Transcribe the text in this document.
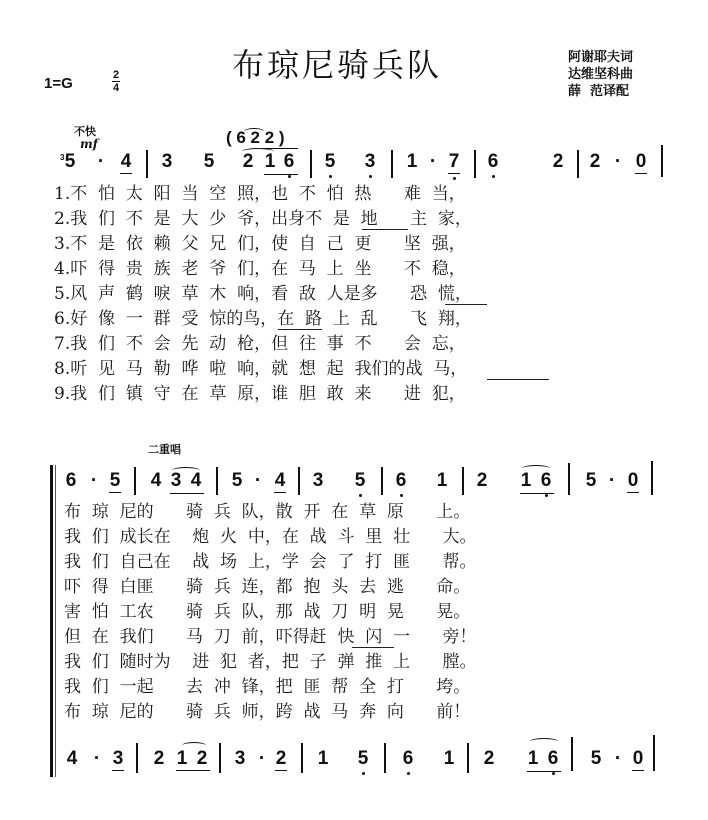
布琼尼骑兵队	阿谢耶夫词
达维坚科曲
薛  范译配
1=G	2
4
不快
mf
3
( 6 2 2 )
5 · 4 3 5 2 1 6 5 3 1 · 7 6	2 2 · 0
1.不  怕  太  阳  当  空  照，也  不  怕  热      难  当，
2.我  们  不  是  大  少  爷，出身不  是  地      主  家，
3.不  是  依  赖  父  兄  们，使  自  己  更      坚  强，
4.吓  得  贵  族  老  爷  们，在  马  上  坐      不  稳，
5.风  声  鹤  唳  草  木  响，看  敌  人是多      恐  慌，
6.好  像  一  群  受  惊的鸟，在  路  上  乱      飞  翔，
7.我  们  不  会  先  动  枪，但  往  事  不      会  忘，
8.听  见  马  勒  哗  啦  响，就  想  起  我们的战  马，
9.我  们  镇  守  在  草  原，谁  胆  敢  来      进  犯，
二重唱
6 · 5 4 3 4 5 · 4 3 5 6 1 2 1 6 5 · 0
布  琼  尼的      骑  兵  队，散  开  在  草  原      上。
我  们  成长在    炮  火  中，在  战  斗  里  壮      大。
我  们  自己在    战  场  上，学  会  了  打  匪      帮。
吓  得  白匪      骑  兵  连，都  抱  头  去  逃      命。
害  怕  工农      骑  兵  队，那  战  刀  明  晃      晃。
但  在  我们      马  刀  前，吓得赶  快  闪  一      旁！
我  们  随时为    进  犯  者，把  子  弹  推  上      膛。
我  们  一起      去  冲  锋，把  匪  帮  全  打      垮。
布  琼  尼的      骑  兵  师，跨  战  马  奔  向      前！
4 · 3 2 1 2 3 · 2 1 5 6 1 2 1 6 5 · 0
